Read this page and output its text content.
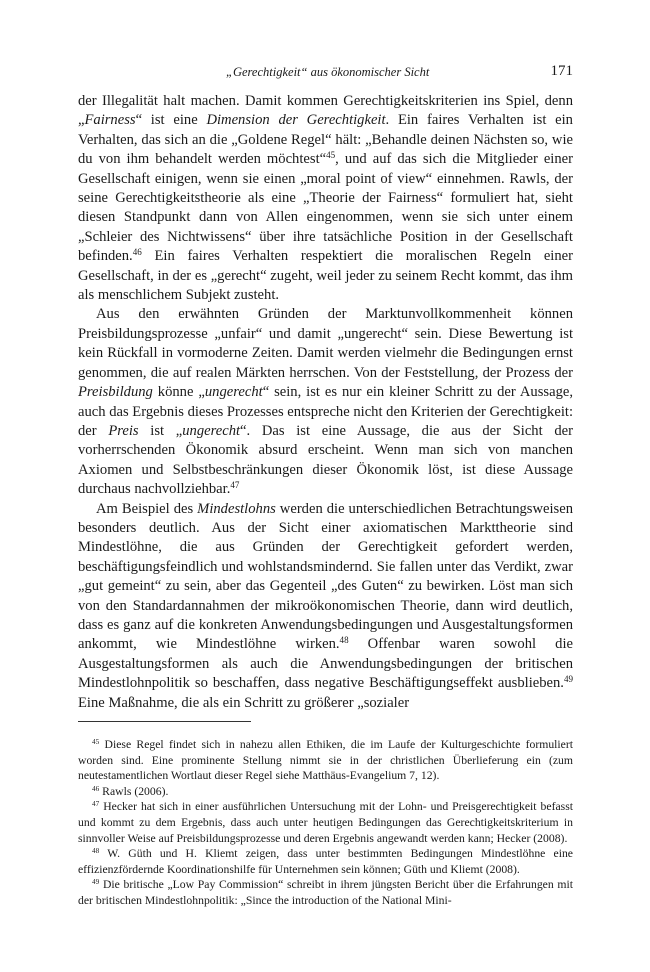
„Gerechtigkeit“ aus ökonomischer Sicht	171

der Illegalität halt machen. Damit kommen Gerechtigkeitskriterien ins Spiel, denn „Fairness“ ist eine Dimension der Gerechtigkeit. Ein faires Verhalten ist ein Verhalten, das sich an die „Goldene Regel“ hält: „Behandle deinen Nächsten so, wie du von ihm behandelt werden möchtest“$^{45}$, und auf das sich die Mitglieder einer Gesellschaft einigen, wenn sie einen „moral point of view“ einnehmen. Rawls, der seine Gerechtigkeitstheorie als eine „Theorie der Fairness“ formuliert hat, sieht diesen Standpunkt dann von Allen eingenommen, wenn sie sich unter einem „Schleier des Nichtwissens“ über ihre tatsächliche Position in der Gesellschaft befinden.$^{46}$ Ein faires Verhalten respektiert die moralischen Regeln einer Gesellschaft, in der es „gerecht“ zugeht, weil jeder zu seinem Recht kommt, das ihm als menschlichem Subjekt zusteht.

Aus den erwähnten Gründen der Marktunvollkommenheit können Preisbildungsprozesse „unfair“ und damit „ungerecht“ sein. Diese Bewertung ist kein Rückfall in vormoderne Zeiten. Damit werden vielmehr die Bedingungen ernst genommen, die auf realen Märkten herrschen. Von der Feststellung, der Prozess der Preisbildung könne „ungerecht“ sein, ist es nur ein kleiner Schritt zu der Aussage, auch das Ergebnis dieses Prozesses entspreche nicht den Kriterien der Gerechtigkeit: der Preis ist „ungerecht“. Das ist eine Aussage, die aus der Sicht der vorherrschenden Ökonomik absurd erscheint. Wenn man sich von manchen Axiomen und Selbstbeschränkungen dieser Ökonomik löst, ist diese Aussage durchaus nachvollziehbar.$^{47}$

Am Beispiel des Mindestlohns werden die unterschiedlichen Betrachtungsweisen besonders deutlich. Aus der Sicht einer axiomatischen Markttheorie sind Mindestlöhne, die aus Gründen der Gerechtigkeit gefordert werden, beschäftigungsfeindlich und wohlstandsmindernd. Sie fallen unter das Verdikt, zwar „gut gemeint“ zu sein, aber das Gegenteil „des Guten“ zu bewirken. Löst man sich von den Standardannahmen der mikroökonomischen Theorie, dann wird deutlich, dass es ganz auf die konkreten Anwendungsbedingungen und Ausgestaltungsformen ankommt, wie Mindestlöhne wirken.$^{48}$ Offenbar waren sowohl die Ausgestaltungsformen als auch die Anwendungsbedingungen der britischen Mindestlohnpolitik so beschaffen, dass negative Beschäftigungseffekt ausblieben.$^{49}$ Eine Maßnahme, die als ein Schritt zu größerer „sozialer

$^{45}$ Diese Regel findet sich in nahezu allen Ethiken, die im Laufe der Kulturgeschichte formuliert worden sind. Eine prominente Stellung nimmt sie in der christlichen Überlieferung ein (zum neutestamentlichen Wortlaut dieser Regel siehe Matthäus-Evangelium 7, 12).

$^{46}$ Rawls (2006).

$^{47}$ Hecker hat sich in einer ausführlichen Untersuchung mit der Lohn- und Preisgerechtigkeit befasst und kommt zu dem Ergebnis, dass auch unter heutigen Bedingungen das Gerechtigkeitskriterium in sinnvoller Weise auf Preisbildungsprozesse und deren Ergebnis angewandt werden kann; Hecker (2008).

$^{48}$ W. Güth und H. Kliemt zeigen, dass unter bestimmten Bedingungen Mindestlöhne eine effizienzfördernde Koordinationshilfe für Unternehmen sein können; Güth und Kliemt (2008).

$^{49}$ Die britische „Low Pay Commission“ schreibt in ihrem jüngsten Bericht über die Erfahrungen mit der britischen Mindestlohnpolitik: „Since the introduction of the National Mini-
